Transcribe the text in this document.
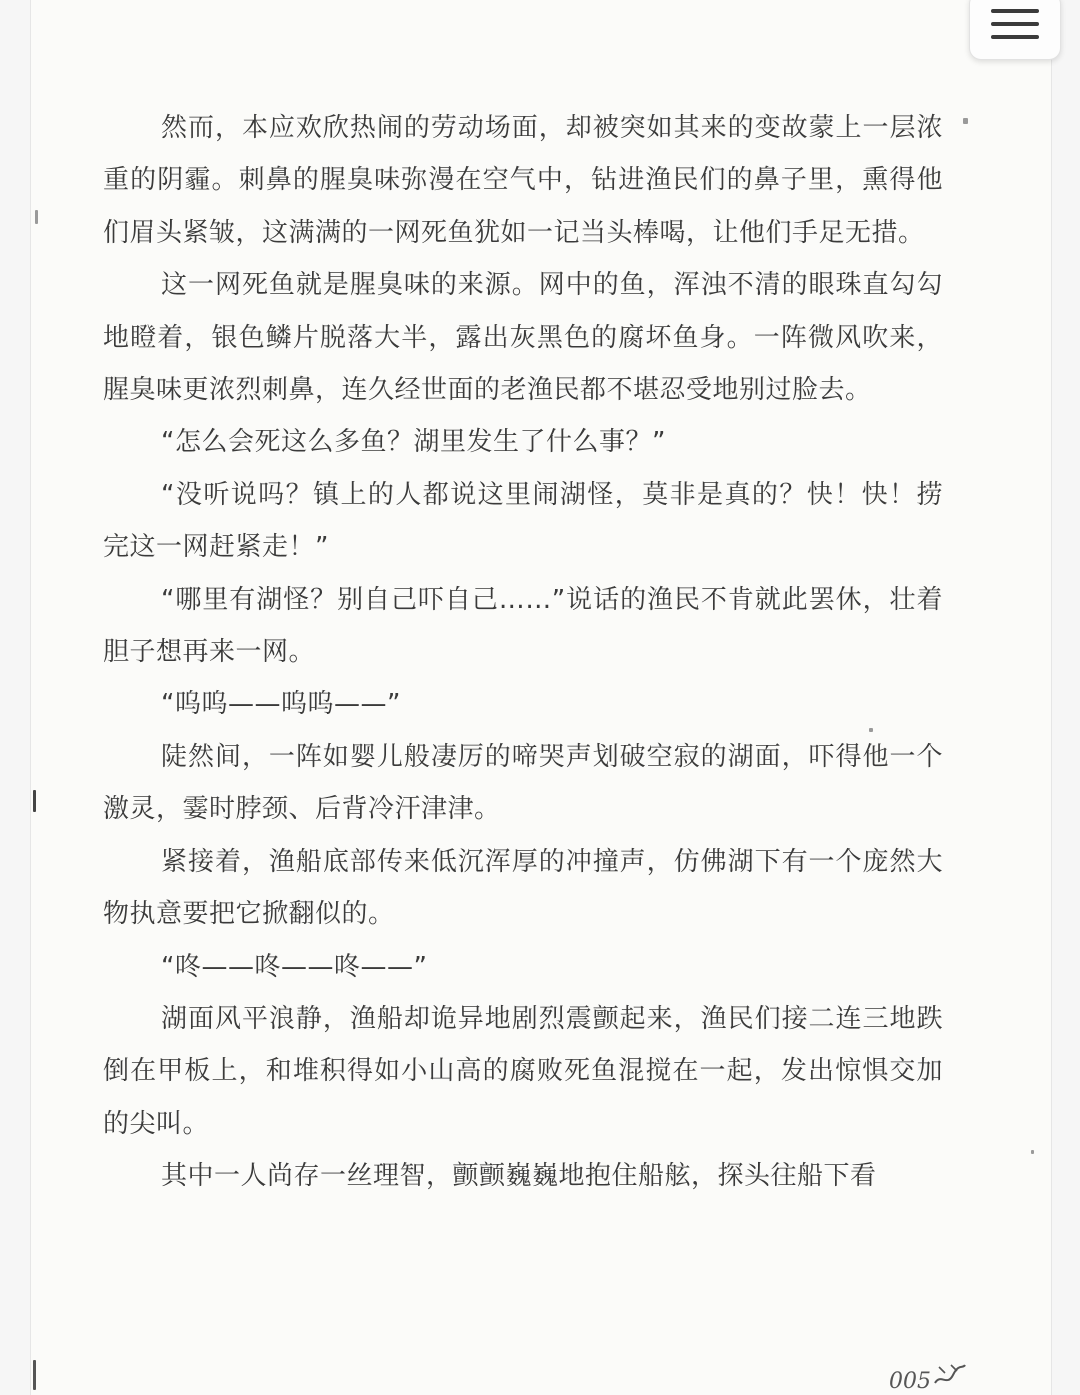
然而，本应欢欣热闹的劳动场面，却被突如其来的变故蒙上一层浓重的阴霾。刺鼻的腥臭味弥漫在空气中，钻进渔民们的鼻子里，熏得他们眉头紧皱，这满满的一网死鱼犹如一记当头棒喝，让他们手足无措。

这一网死鱼就是腥臭味的来源。网中的鱼，浑浊不清的眼珠直勾勾地瞪着，银色鳞片脱落大半，露出灰黑色的腐坏鱼身。一阵微风吹来，腥臭味更浓烈刺鼻，连久经世面的老渔民都不堪忍受地别过脸去。

“怎么会死这么多鱼？湖里发生了什么事？”

“没听说吗？镇上的人都说这里闹湖怪，莫非是真的？快！快！捞完这一网赶紧走！”

“哪里有湖怪？别自己吓自己……”说话的渔民不肯就此罢休，壮着胆子想再来一网。

“呜呜——呜呜——”

陡然间，一阵如婴儿般凄厉的啼哭声划破空寂的湖面，吓得他一个激灵，霎时脖颈、后背冷汗津津。

紧接着，渔船底部传来低沉浑厚的冲撞声，仿佛湖下有一个庞然大物执意要把它掀翻似的。

“咚——咚——咚——”

湖面风平浪静，渔船却诡异地剧烈震颤起来，渔民们接二连三地跌倒在甲板上，和堆积得如小山高的腐败死鱼混搅在一起，发出惊惧交加的尖叫。

其中一人尚存一丝理智，颤颤巍巍地抱住船舷，探头往船下看

005
